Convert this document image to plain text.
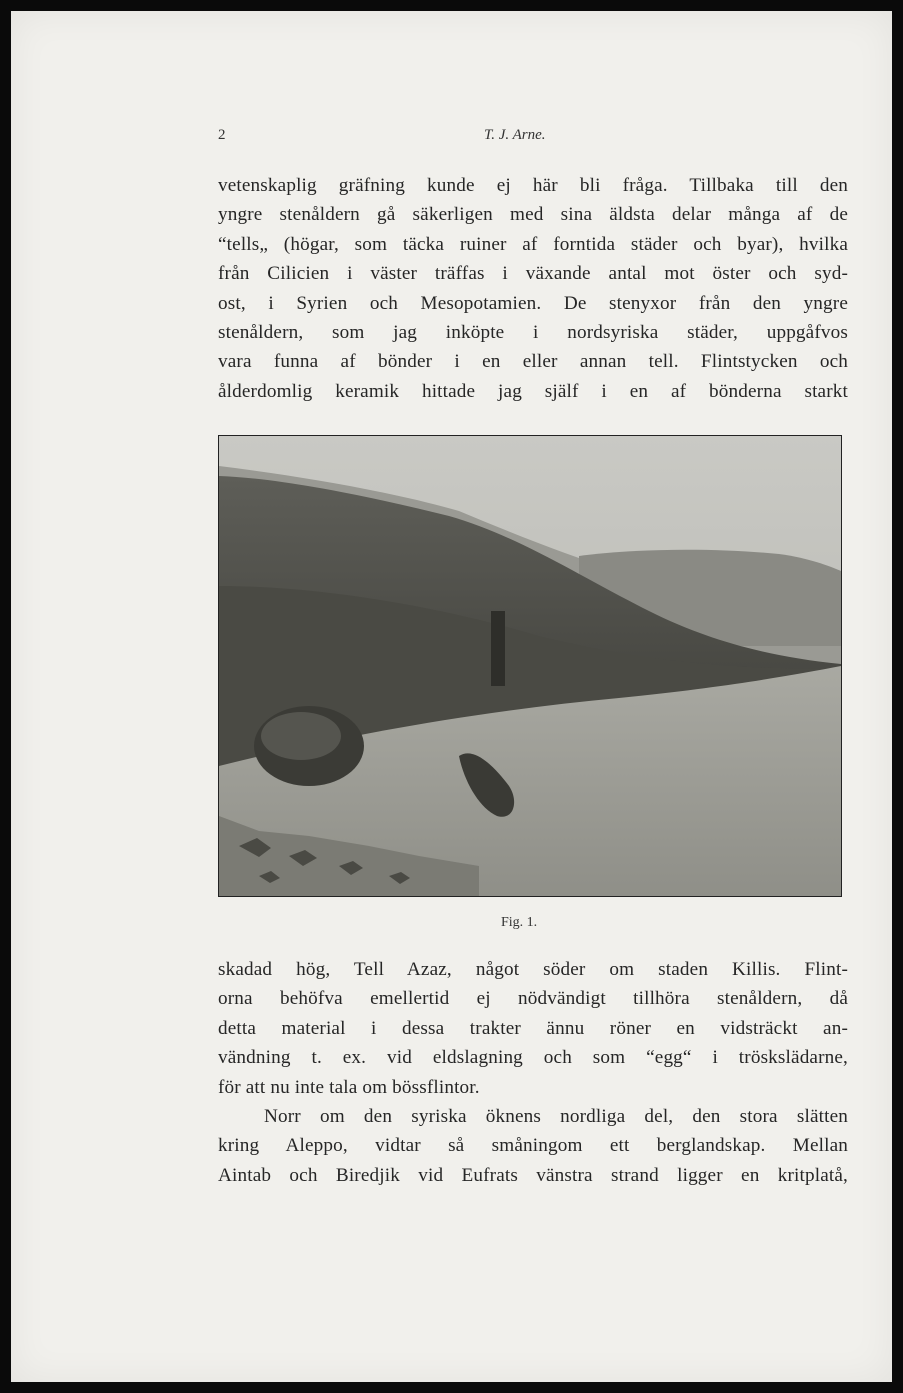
2	T. J. Arne.
vetenskaplig gräfning kunde ej här bli fråga. Tillbaka till den
yngre stenåldern gå säkerligen med sina äldsta delar många af de
“tells„ (högar, som täcka ruiner af forntida städer och byar), hvilka
från Cilicien i väster träffas i växande antal mot öster och syd-
ost, i Syrien och Mesopotamien. De stenyxor från den yngre
stenåldern, som jag inköpte i nordsyriska städer, uppgåfvos
vara funna af bönder i en eller annan tell. Flintstycken och
ålderdomlig keramik hittade jag själf i en af bönderna starkt
Fig. 1.
skadad hög, Tell Azaz, något söder om staden Killis. Flint-
orna behöfva emellertid ej nödvändigt tillhöra stenåldern, då
detta material i dessa trakter ännu röner en vidsträckt an-
vändning t. ex. vid eldslagning och som “egg“ i tröskslädarne,
för att nu inte tala om bössflintor.
Norr om den syriska öknens nordliga del, den stora slätten
kring Aleppo, vidtar så småningom ett berglandskap. Mellan
Aintab och Biredjik vid Eufrats vänstra strand ligger en kritplatå,
